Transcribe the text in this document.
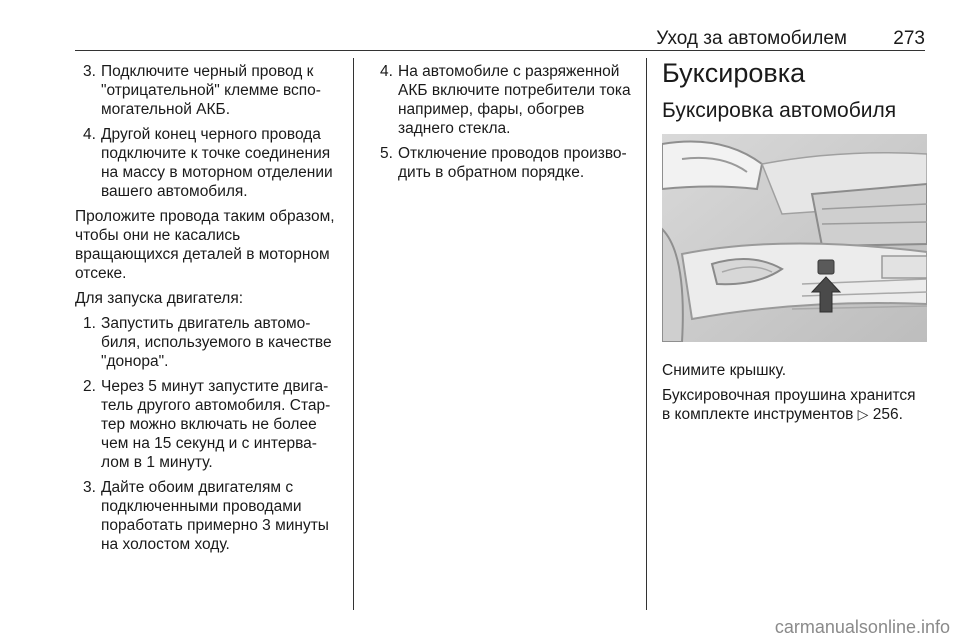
Уход за автомобилем 273
3. Подключите черный провод к "отрицательной" клемме вспо-могательной АКБ.
4. Другой конец черного провода подключите к точке соединения на массу в моторном отделении вашего автомобиля.

Проложите провода таким образом, чтобы они не касались вращающихся деталей в моторном отсеке.

Для запуска двигателя:

1. Запустить двигатель автомо-биля, используемого в качестве "донора".
2. Через 5 минут запустите двига-тель другого автомобиля. Стар-тер можно включать не более чем на 15 секунд и с интерва-лом в 1 минуту.
3. Дайте обоим двигателям с подключенными проводами поработать примерно 3 минуты на холостом ходу.
4. На автомобиле с разряженной АКБ включите потребители тока например, фары, обогрев заднего стекла.
5. Отключение проводов произво-дить в обратном порядке.
Буксировка
Буксировка автомобиля

Снимите крышку.

Буксировочная проушина хранится в комплекте инструментов ▷ 256.

carmanualsonline.info
